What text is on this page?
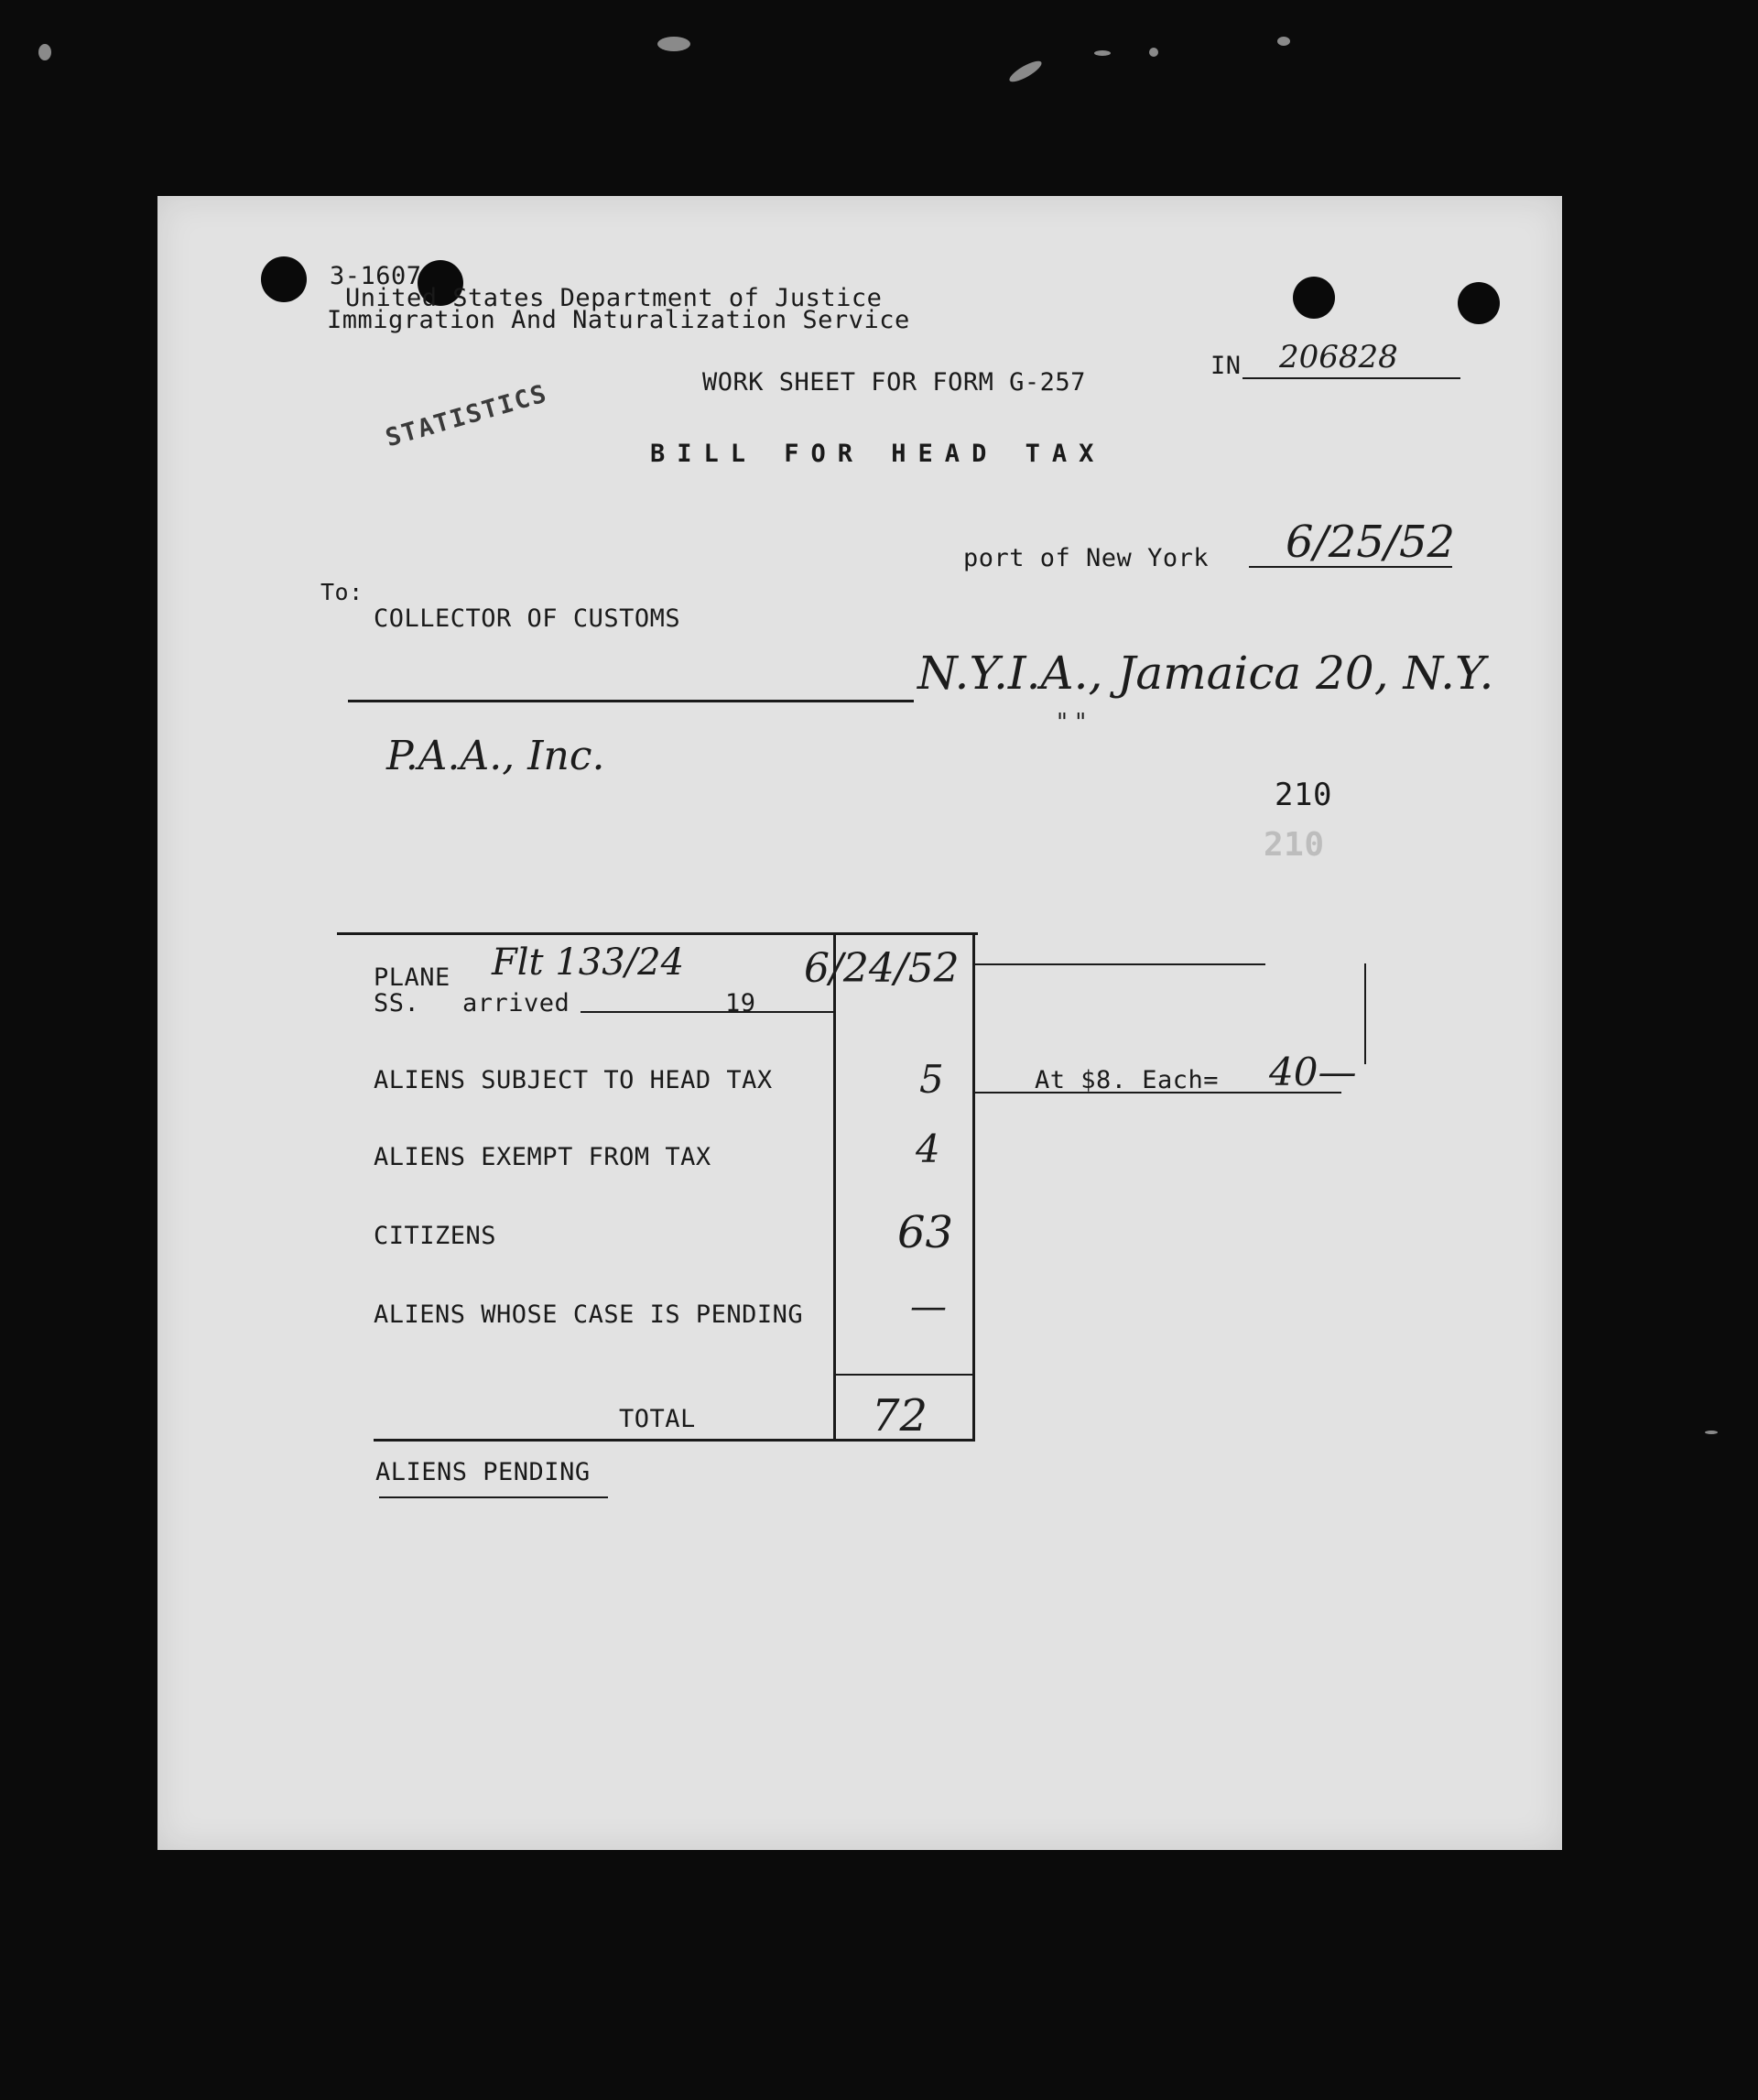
3-1607
United States Department of Justice
Immigration And Naturalization Service
WORK SHEET FOR FORM G-257
IN 206828
STATISTICS
BILL FOR HEAD TAX
port of New York 6/25/52
To:
COLLECTOR OF CUSTOMS
N.Y.I.A., Jamaica 20, N.Y.
" "
P.A.A., Inc.
210
210
PLANE Flt 133/24
SS. arrived	19
6/24/52
ALIENS SUBJECT TO HEAD TAX	5	At $8. Each= 40—
ALIENS EXEMPT FROM TAX	4
CITIZENS	63
ALIENS WHOSE CASE IS PENDING	—
TOTAL	72
ALIENS PENDING
